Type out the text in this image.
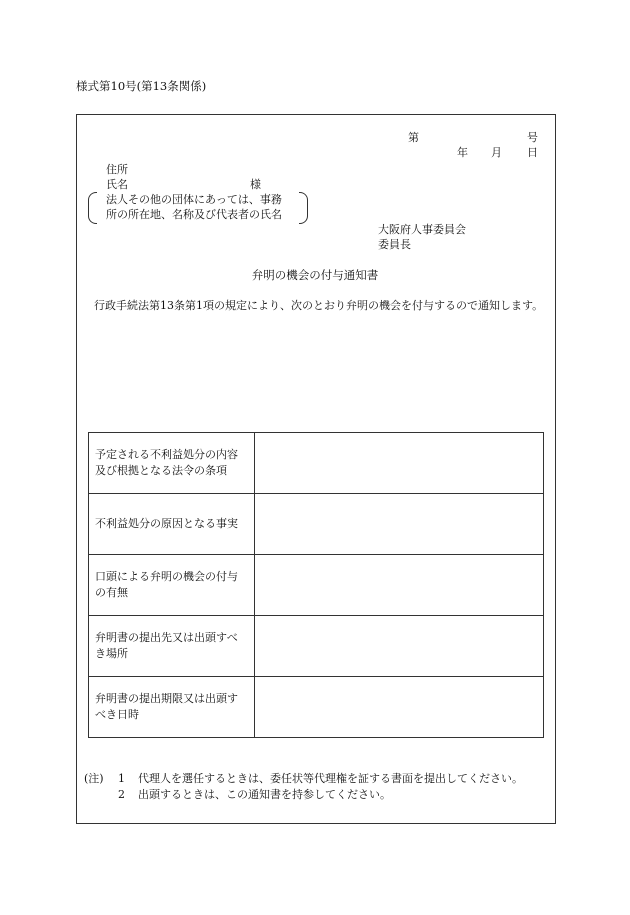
様式第10号(第13条関係)
第	号
年 月 日
住所
氏名	様
法人その他の団体にあっては、事務
所の所在地、名称及び代表者の氏名
大阪府人事委員会
委員長
弁明の機会の付与通知書
行政手続法第13条第1項の規定により、次のとおり弁明の機会を付与するので通知します。
予定される不利益処分の内容及び根拠となる法令の条項	
不利益処分の原因となる事実	
口頭による弁明の機会の付与の有無	
弁明書の提出先又は出頭すべき場所	
弁明書の提出期限又は出頭すべき日時	
(注)	1	代理人を選任するときは、委任状等代理権を証する書面を提出してください。
2	出頭するときは、この通知書を持参してください。
